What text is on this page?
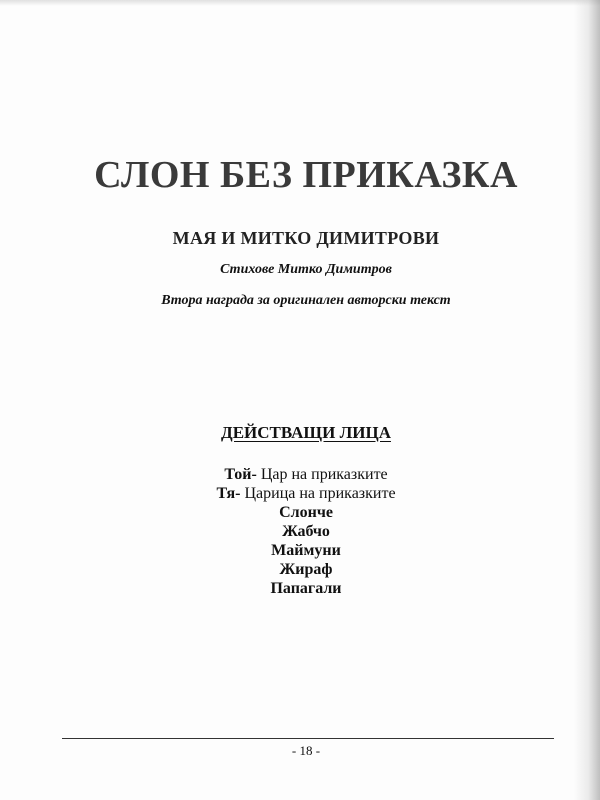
СЛОН БЕЗ ПРИКАЗКА
МАЯ И МИТКО ДИМИТРОВИ
Стихове Митко Димитров
Втора награда за оригинален авторски текст
ДЕЙСТВАЩИ ЛИЦА
Той- Цар на приказките
Тя- Царица на приказките
Слонче
Жабчо
Маймуни
Жираф
Папагали
- 18 -
